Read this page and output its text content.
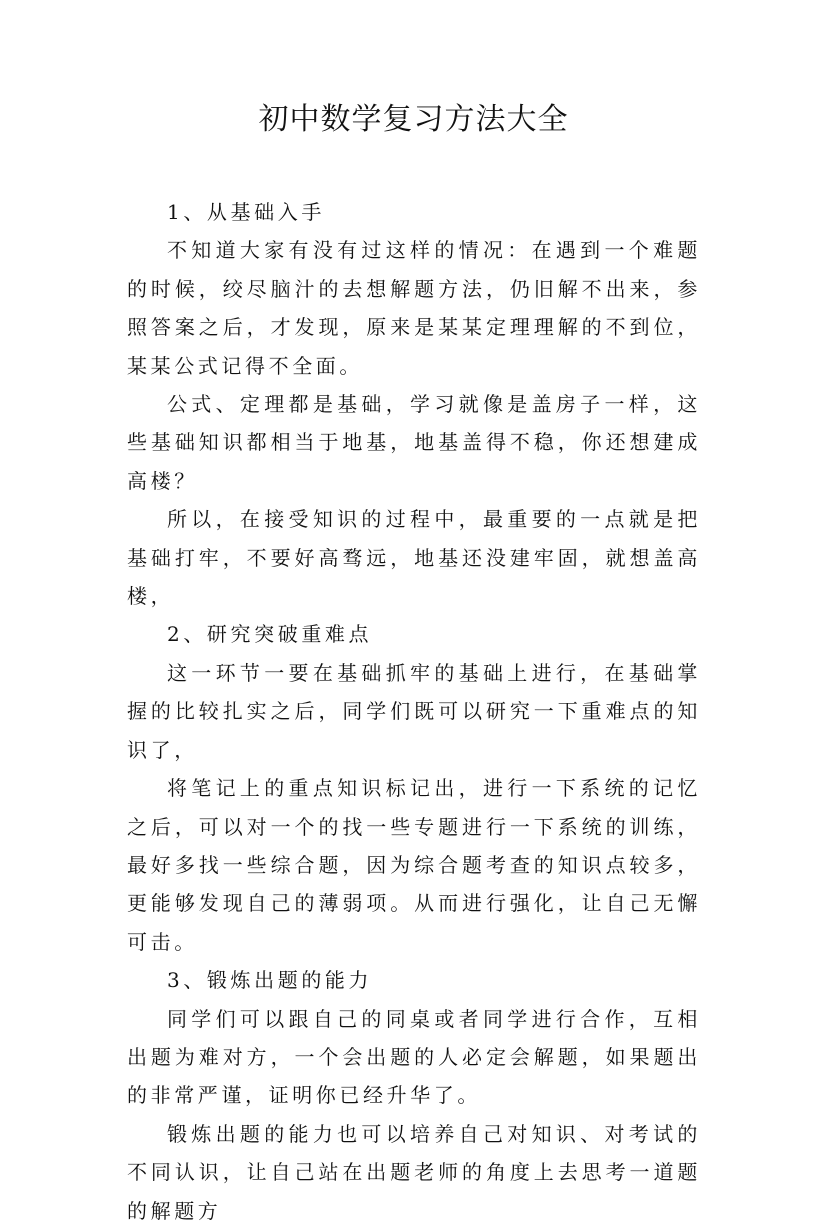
初中数学复习方法大全

1、从基础入手

不知道大家有没有过这样的情况：在遇到一个难题的时候，绞尽脑汁的去想解题方法，仍旧解不出来，参照答案之后，才发现，原来是某某定理理解的不到位，某某公式记得不全面。

公式、定理都是基础，学习就像是盖房子一样，这些基础知识都相当于地基，地基盖得不稳，你还想建成高楼？

所以，在接受知识的过程中，最重要的一点就是把基础打牢，不要好高骛远，地基还没建牢固，就想盖高楼，

2、研究突破重难点

这一环节一要在基础抓牢的基础上进行，在基础掌握的比较扎实之后，同学们既可以研究一下重难点的知识了，

将笔记上的重点知识标记出，进行一下系统的记忆之后，可以对一个的找一些专题进行一下系统的训练，最好多找一些综合题，因为综合题考查的知识点较多，更能够发现自己的薄弱项。从而进行强化，让自己无懈可击。

3、锻炼出题的能力

同学们可以跟自己的同桌或者同学进行合作，互相出题为难对方，一个会出题的人必定会解题，如果题出的非常严谨，证明你已经升华了。

锻炼出题的能力也可以培养自己对知识、对考试的不同认识，让自己站在出题老师的角度上去思考一道题的解题方
